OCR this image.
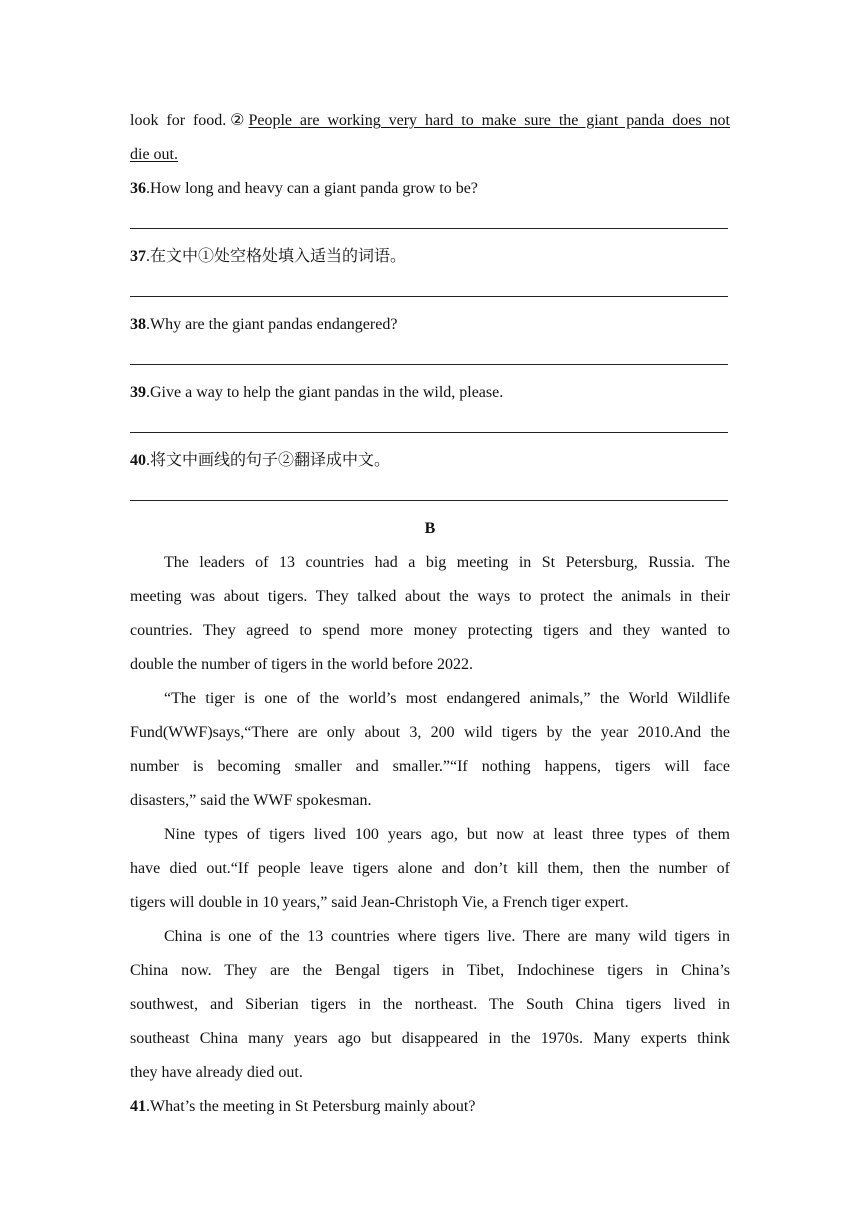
look for food.②People are working very hard to make sure the giant panda does not
die out.
36.How long and heavy can a giant panda grow to be?
37.在文中①处空格处填入适当的词语。
38.Why are the giant pandas endangered?
39.Give a way to help the giant pandas in the wild, please.
40.将文中画线的句子②翻译成中文。
B
The leaders of 13 countries had a big meeting in St Petersburg, Russia. The
meeting was about tigers. They talked about the ways to protect the animals in their
countries. They agreed to spend more money protecting tigers and they wanted to
double the number of tigers in the world before 2022.
“The tiger is one of the world’s most endangered animals,” the World Wildlife
Fund(WWF)says,“There are only about 3, 200 wild tigers by the year 2010.And the
number is becoming smaller and smaller.”“If nothing happens, tigers will face
disasters,” said the WWF spokesman.
Nine types of tigers lived 100 years ago, but now at least three types of them
have died out.“If people leave tigers alone and don’t kill them, then the number of
tigers will double in 10 years,” said Jean-Christoph Vie, a French tiger expert.
China is one of the 13 countries where tigers live. There are many wild tigers in
China now. They are the Bengal tigers in Tibet, Indochinese tigers in China’s
southwest, and Siberian tigers in the northeast. The South China tigers lived in
southeast China many years ago but disappeared in the 1970s. Many experts think
they have already died out.
41.What’s the meeting in St Petersburg mainly about?
